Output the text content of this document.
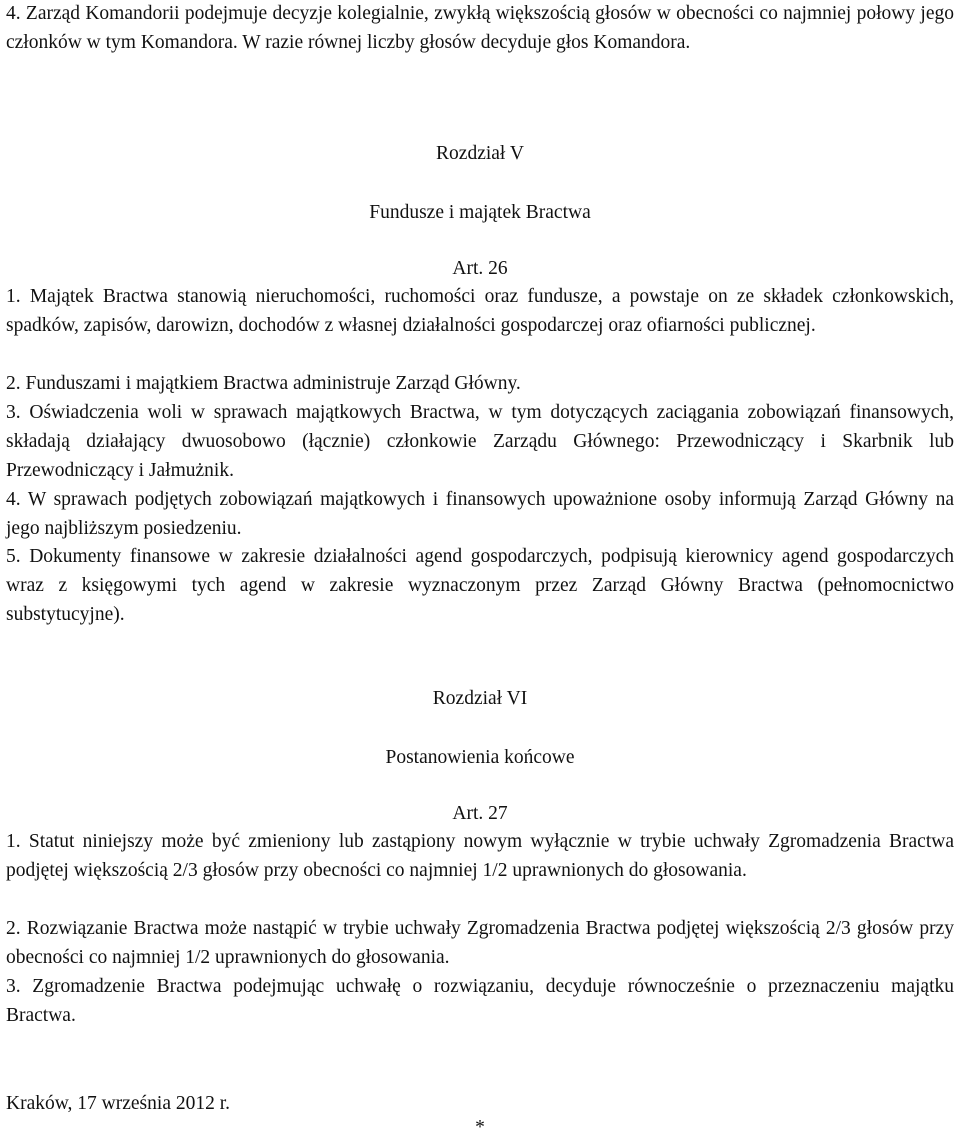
4. Zarząd Komandorii podejmuje decyzje kolegialnie, zwykłą większością głosów w obecności co najmniej połowy jego członków w tym Komandora. W razie równej liczby głosów decyduje głos Komandora.
Rozdział V
Fundusze i majątek Bractwa
Art. 26
1. Majątek Bractwa stanowią nieruchomości, ruchomości oraz fundusze, a powstaje on ze składek członkowskich, spadków, zapisów, darowizn, dochodów z własnej działalności gospodarczej oraz ofiarności publicznej.
2. Funduszami i majątkiem Bractwa administruje Zarząd Główny.
3. Oświadczenia woli w sprawach majątkowych Bractwa, w tym dotyczących zaciągania zobowiązań finansowych, składają działający dwuosobowo (łącznie) członkowie Zarządu Głównego: Przewodniczący i Skarbnik lub Przewodniczący i Jałmużnik.
4. W sprawach podjętych zobowiązań majątkowych i finansowych upoważnione osoby informują Zarząd Główny na jego najbliższym posiedzeniu.
5. Dokumenty finansowe w zakresie działalności agend gospodarczych, podpisują kierownicy agend gospodarczych wraz z księgowymi tych agend w zakresie wyznaczonym przez Zarząd Główny Bractwa (pełnomocnictwo substytucyjne).
Rozdział VI
Postanowienia końcowe
Art. 27
1. Statut niniejszy może być zmieniony lub zastąpiony nowym wyłącznie w trybie uchwały Zgromadzenia Bractwa podjętej większością 2/3 głosów przy obecności co najmniej 1/2 uprawnionych do głosowania.
2. Rozwiązanie Bractwa może nastąpić w trybie uchwały Zgromadzenia Bractwa podjętej większością 2/3 głosów przy obecności co najmniej 1/2 uprawnionych do głosowania.
3. Zgromadzenie Bractwa podejmując uchwałę o rozwiązaniu, decyduje równocześnie o przeznaczeniu majątku Bractwa.
Kraków, 17 września 2012 r.
*
